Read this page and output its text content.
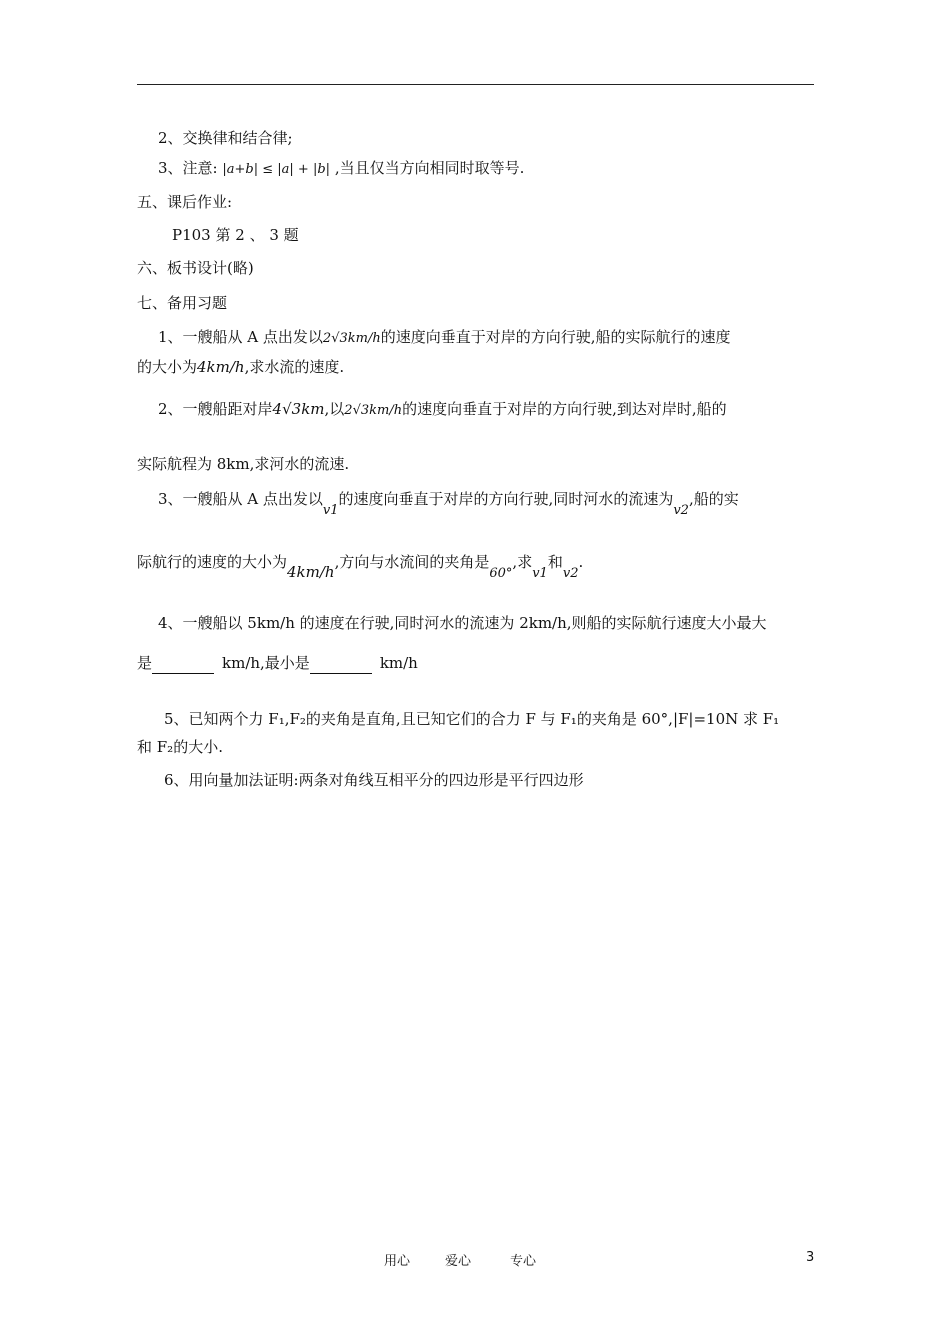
2、交换律和结合律;
3、注意: |a+b| ≤ |a| + |b| ,当且仅当方向相同时取等号.
五、课后作业:
P103 第 2 、 3 题
六、板书设计(略)
七、备用习题
1、一艘船从 A 点出发以2√3km/h的速度向垂直于对岸的方向行驶,船的实际航行的速度
的大小为4km/h,求水流的速度.
2、一艘船距对岸4√3km,以2√3km/h的速度向垂直于对岸的方向行驶,到达对岸时,船的
实际航程为 8km,求河水的流速.
3、一艘船从 A 点出发以v1的速度向垂直于对岸的方向行驶,同时河水的流速为v2,船的实
际航行的速度的大小为4km/h,方向与水流间的夹角是60°,求v1和v2.
4、一艘船以 5km/h 的速度在行驶,同时河水的流速为 2km/h,则船的实际航行速度大小最大
是	km/h,最小是	km/h
5、已知两个力 F₁,F₂的夹角是直角,且已知它们的合力 F 与 F₁的夹角是 60°,|F|=10N 求 F₁
和 F₂的大小.
6、用向量加法证明:两条对角线互相平分的四边形是平行四边形
用心	爱心	专心	3
